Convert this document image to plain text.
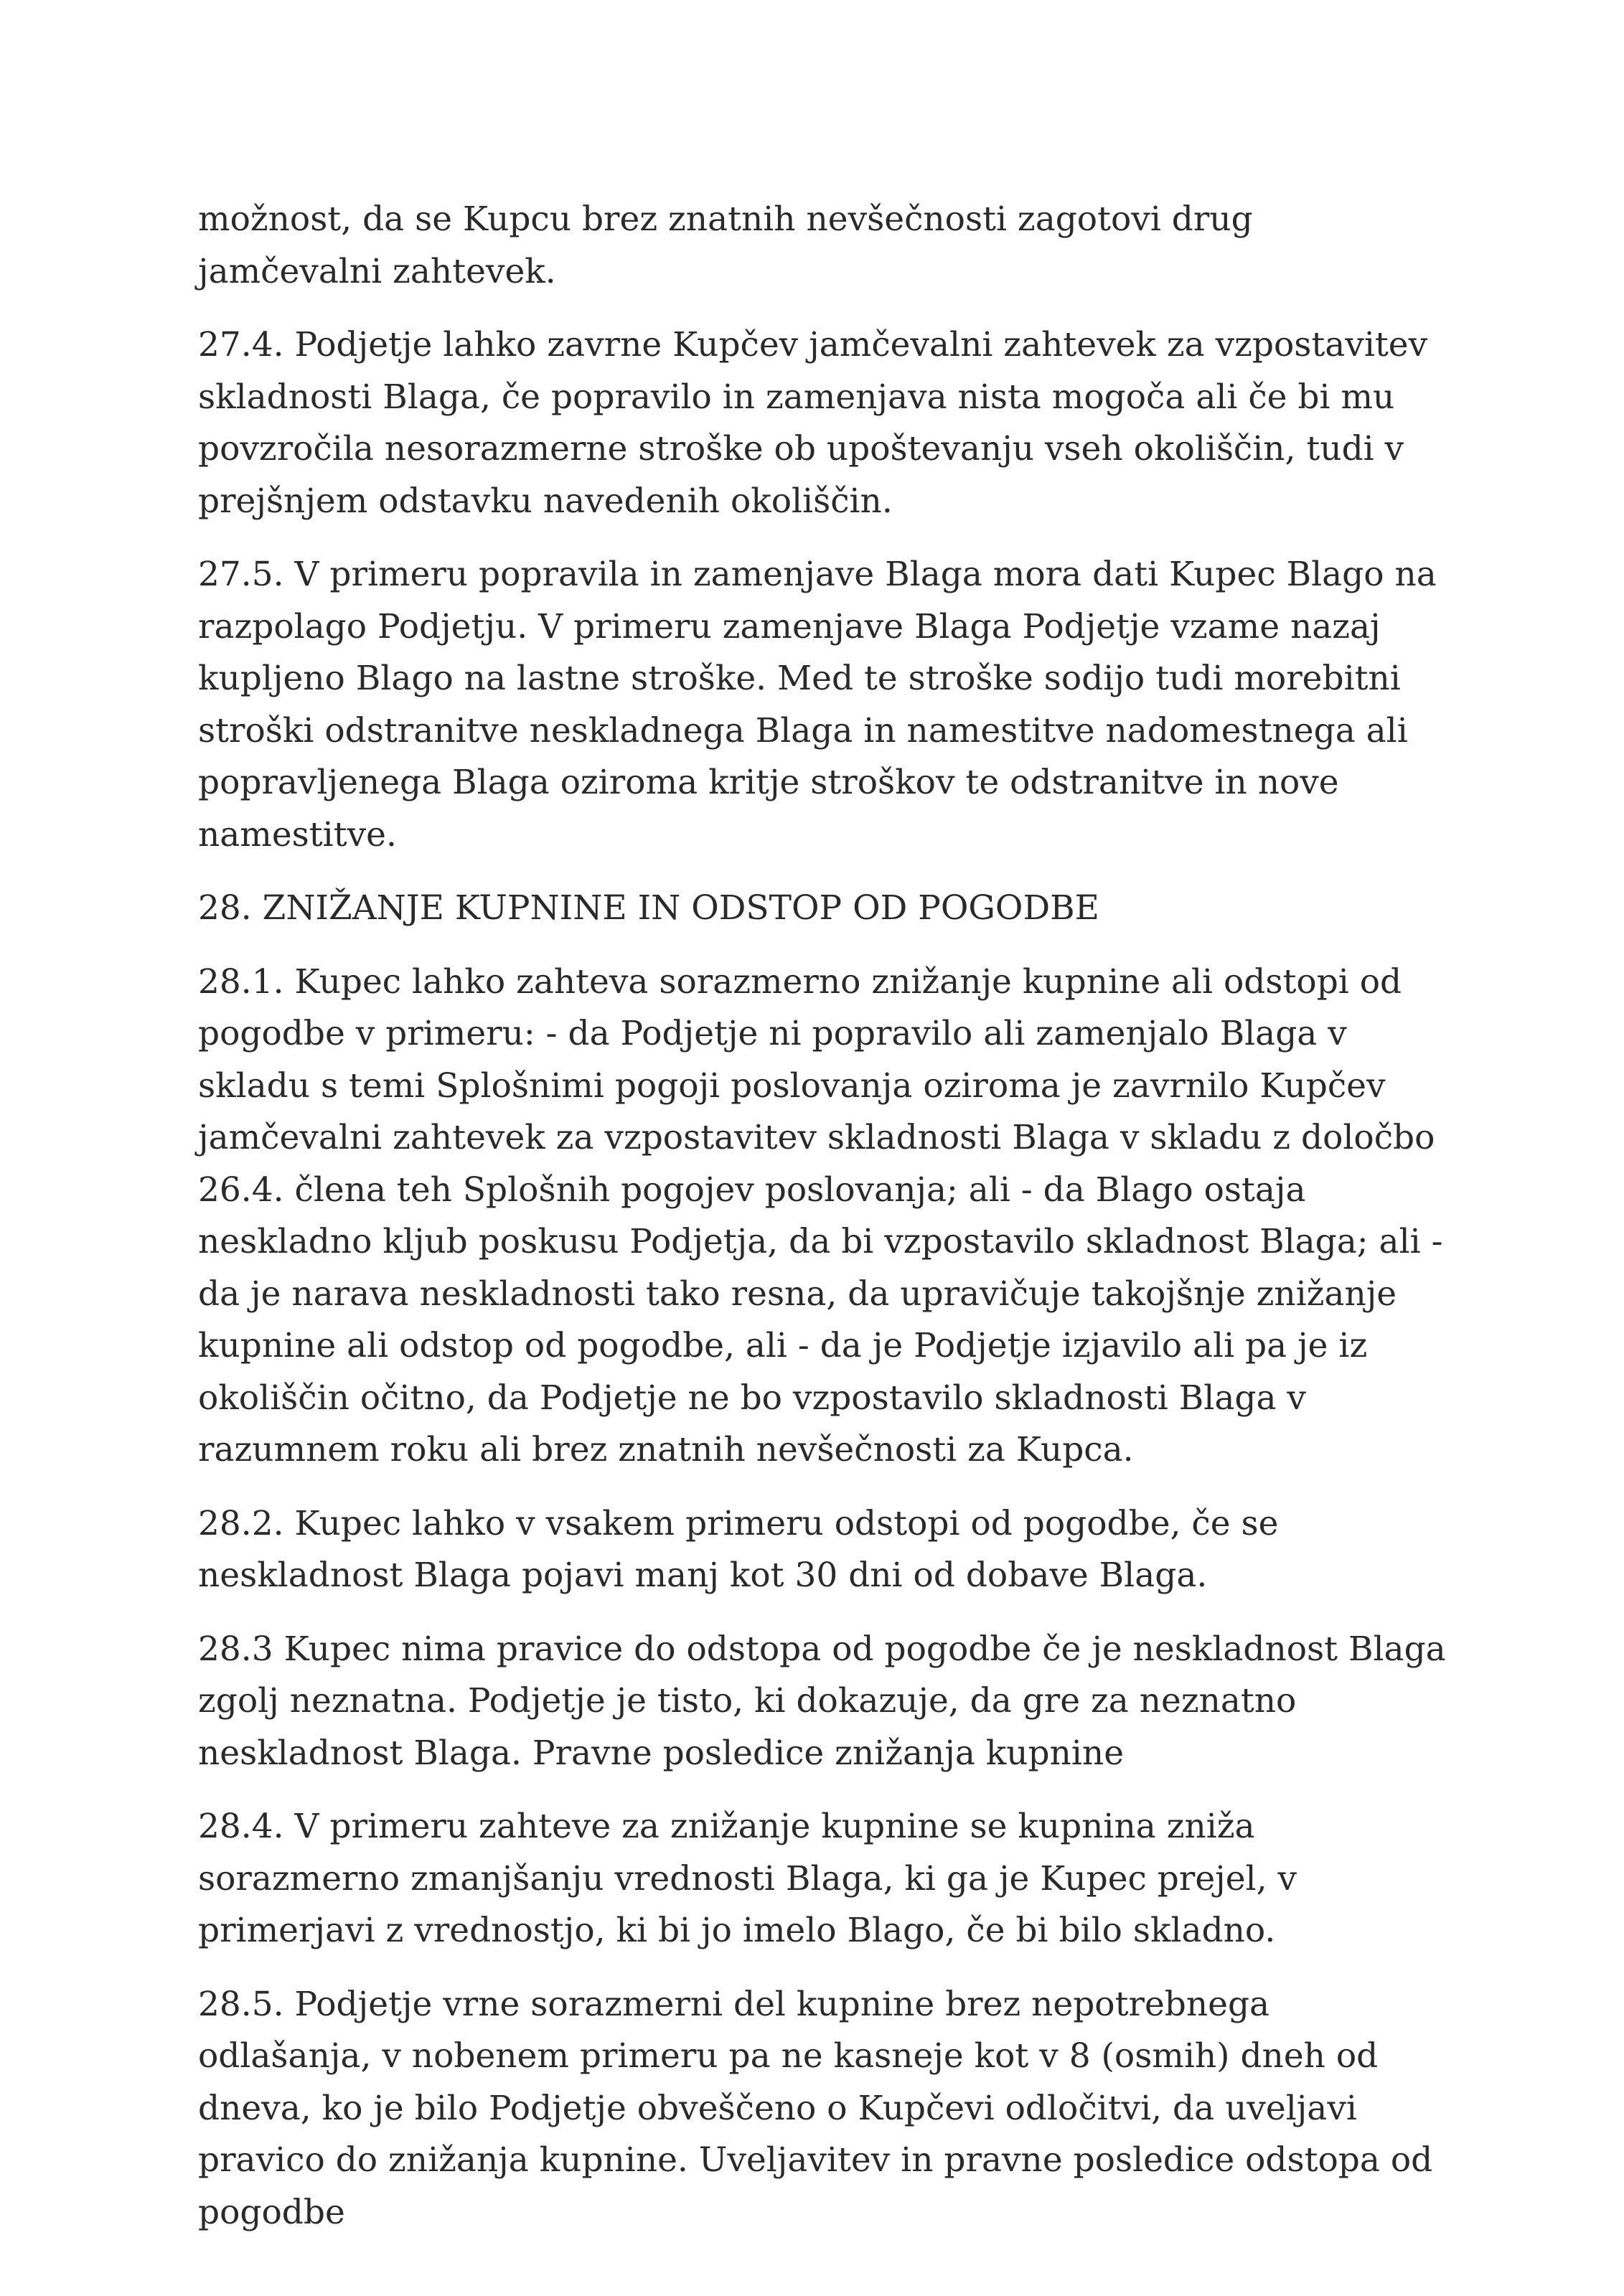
možnost, da se Kupcu brez znatnih nevšečnosti zagotovi drug jamčevalni zahtevek.

27.4. Podjetje lahko zavrne Kupčev jamčevalni zahtevek za vzpostavitev skladnosti Blaga, če popravilo in zamenjava nista mogoča ali če bi mu povzročila nesorazmerne stroške ob upoštevanju vseh okoliščin, tudi v prejšnjem odstavku navedenih okoliščin.

27.5. V primeru popravila in zamenjave Blaga mora dati Kupec Blago na razpolago Podjetju. V primeru zamenjave Blaga Podjetje vzame nazaj kupljeno Blago na lastne stroške. Med te stroške sodijo tudi morebitni stroški odstranitve neskladnega Blaga in namestitve nadomestnega ali popravljenega Blaga oziroma kritje stroškov te odstranitve in nove namestitve.

28. ZNIŽANJE KUPNINE IN ODSTOP OD POGODBE

28.1. Kupec lahko zahteva sorazmerno znižanje kupnine ali odstopi od pogodbe v primeru: - da Podjetje ni popravilo ali zamenjalo Blaga v skladu s temi Splošnimi pogoji poslovanja oziroma je zavrnilo Kupčev jamčevalni zahtevek za vzpostavitev skladnosti Blaga v skladu z določbo 26.4. člena teh Splošnih pogojev poslovanja; ali - da Blago ostaja neskladno kljub poskusu Podjetja, da bi vzpostavilo skladnost Blaga; ali - da je narava neskladnosti tako resna, da upravičuje takojšnje znižanje kupnine ali odstop od pogodbe, ali - da je Podjetje izjavilo ali pa je iz okoliščin očitno, da Podjetje ne bo vzpostavilo skladnosti Blaga v razumnem roku ali brez znatnih nevšečnosti za Kupca.

28.2. Kupec lahko v vsakem primeru odstopi od pogodbe, če se neskladnost Blaga pojavi manj kot 30 dni od dobave Blaga.

28.3 Kupec nima pravice do odstopa od pogodbe če je neskladnost Blaga zgolj neznatna. Podjetje je tisto, ki dokazuje, da gre za neznatno neskladnost Blaga. Pravne posledice znižanja kupnine

28.4. V primeru zahteve za znižanje kupnine se kupnina zniža sorazmerno zmanjšanju vrednosti Blaga, ki ga je Kupec prejel, v primerjavi z vrednostjo, ki bi jo imelo Blago, če bi bilo skladno.

28.5. Podjetje vrne sorazmerni del kupnine brez nepotrebnega odlašanja, v nobenem primeru pa ne kasneje kot v 8 (osmih) dneh od dneva, ko je bilo Podjetje obveščeno o Kupčevi odločitvi, da uveljavi pravico do znižanja kupnine. Uveljavitev in pravne posledice odstopa od pogodbe
